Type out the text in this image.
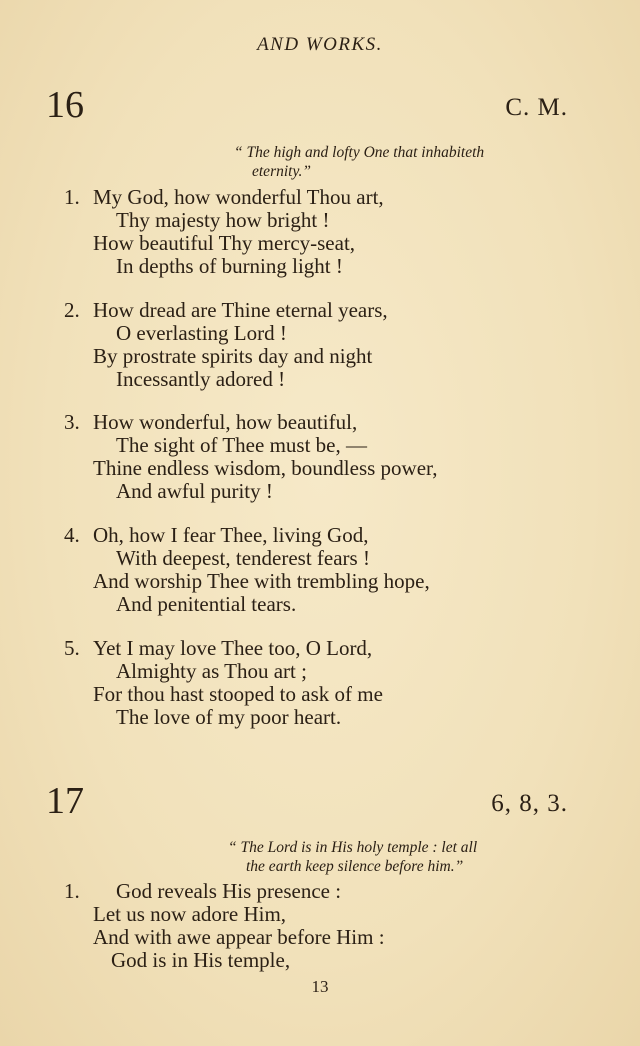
AND WORKS.
16	C. M.
“ The high and lofty One that inhabiteth
eternity.”
1. My God, how wonderful Thou art,
Thy majesty how bright !
How beautiful Thy mercy-seat,
In depths of burning light !
2. How dread are Thine eternal years,
O everlasting Lord !
By prostrate spirits day and night
Incessantly adored !
3. How wonderful, how beautiful,
The sight of Thee must be, —
Thine endless wisdom, boundless power,
And awful purity !
4. Oh, how I fear Thee, living God,
With deepest, tenderest fears !
And worship Thee with trembling hope,
And penitential tears.
5. Yet I may love Thee too, O Lord,
Almighty as Thou art ;
For thou hast stooped to ask of me
The love of my poor heart.
17	6, 8, 3.
“ The Lord is in His holy temple : let all
the earth keep silence before him.”
1. God reveals His presence :
Let us now adore Him,
And with awe appear before Him :
God is in His temple,
13
